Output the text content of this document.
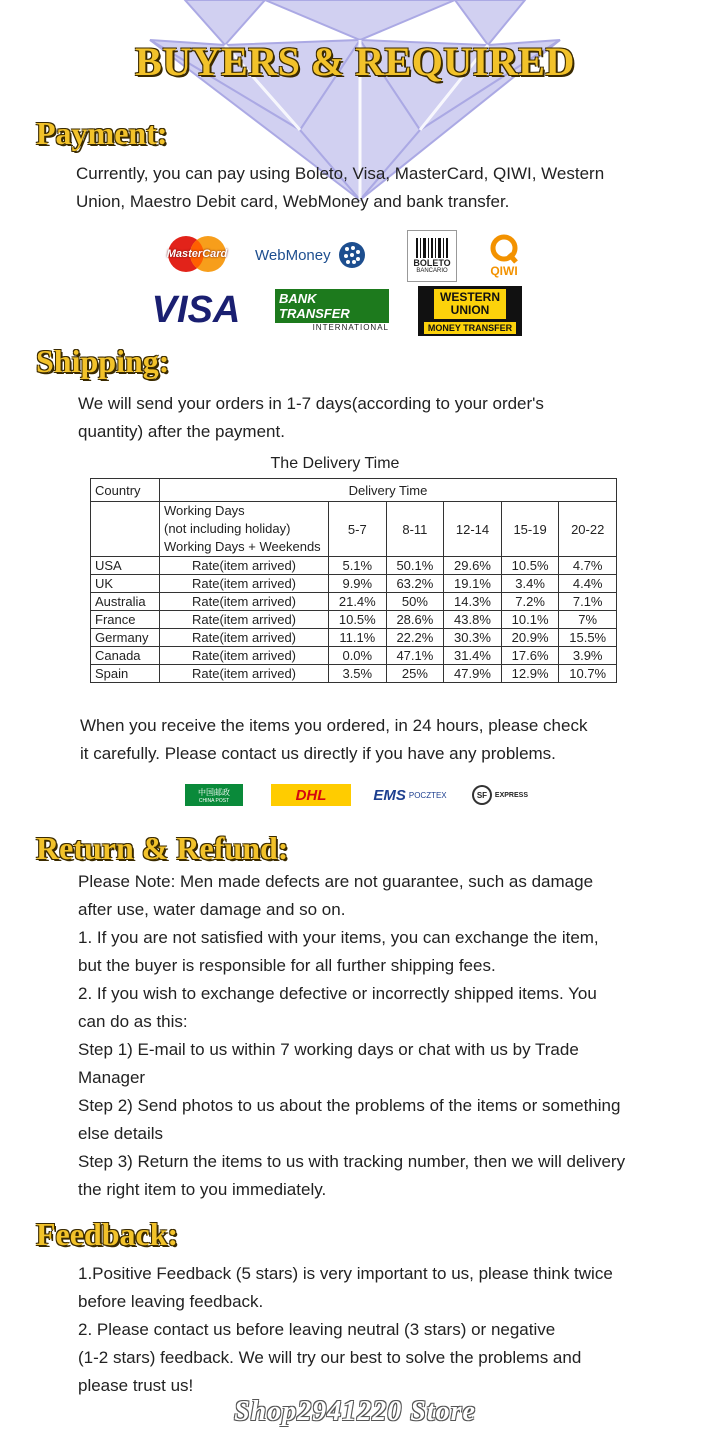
BUYERS & REQUIRED
Payment:
Currently, you can pay using Boleto, Visa, MasterCard, QIWI, Western
Union, Maestro Debit card, WebMoney and bank transfer.
MasterCard WebMoney	BOLETO
BANCARIO	QIWI
VISA	BANK TRANSFER
INTERNATIONAL
WESTERN UNION
MONEY TRANSFER
Shipping:
We will send your orders in 1-7 days(according to your order's
quantity) after the payment.
The Delivery Time
Country	Delivery Time					

	Working Days
(not including holiday)
Working Days + Weekends	5-7	8-11	12-14	15-19	20-22
USA	Rate(item arrived)	5.1%	50.1%	29.6%	10.5%	4.7%
UK	Rate(item arrived)	9.9%	63.2%	19.1%	3.4%	4.4%
Australia	Rate(item arrived)	21.4%	50%	14.3%	7.2%	7.1%
France	Rate(item arrived)	10.5%	28.6%	43.8%	10.1%	7%
Germany	Rate(item arrived)	11.1%	22.2%	30.3%	20.9%	15.5%
Canada	Rate(item arrived)	0.0%	47.1%	31.4%	17.6%	3.9%
Spain	Rate(item arrived)	3.5%	25%	47.9%	12.9%	10.7%
When you receive the items you ordered, in 24 hours, please check
it carefully. Please contact us directly if you have any problems.
中国邮政
CHINA POST	DHL	EMS POCZTEX	SF	EXPRESS
Return & Refund:
Please Note: Men made defects are not guarantee, such as damage
after use, water damage and so on.
1. If you are not satisfied with your items, you can exchange the item,
but the buyer is responsible for all further shipping fees.
2. If you wish to exchange defective or incorrectly shipped items. You
can do as this:
Step 1) E-mail to us within 7 working days or chat with us by Trade
Manager
Step 2) Send photos to us about the problems of the items or something
else details
Step 3) Return the items to us with tracking number, then we will delivery
the right item to you immediately.
Feedback:
1.Positive Feedback (5 stars) is very important to us, please think twice
before leaving feedback.
2. Please contact us before leaving neutral (3 stars) or negative
(1-2 stars) feedback. We will try our best to solve the problems and
please trust us!
Shop2941220 Store
